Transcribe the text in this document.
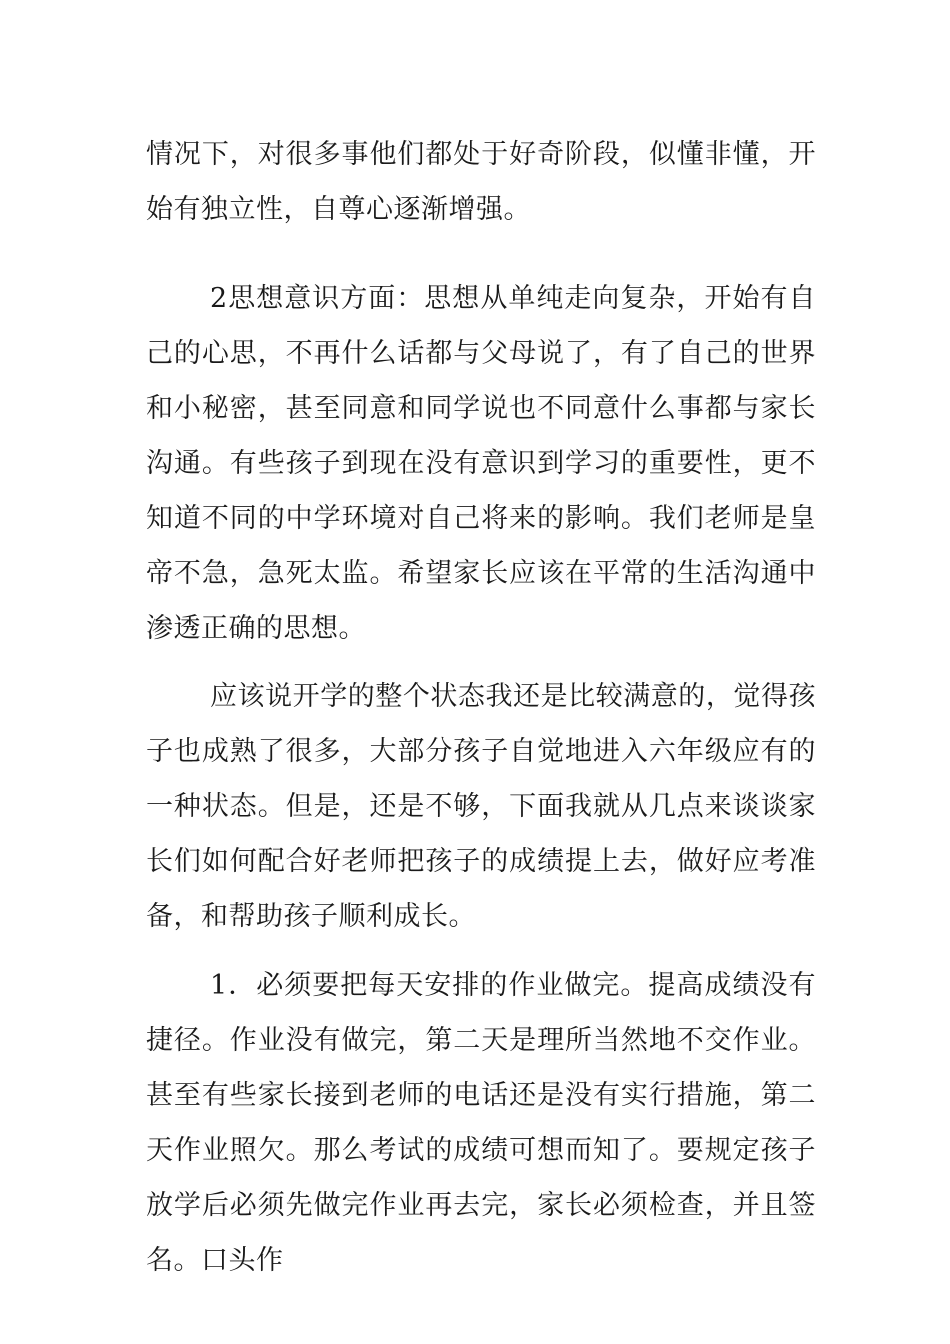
情况下，对很多事他们都处于好奇阶段，似懂非懂，开始有独立性，自尊心逐渐增强。

2思想意识方面：思想从单纯走向复杂，开始有自己的心思，不再什么话都与父母说了，有了自己的世界和小秘密，甚至同意和同学说也不同意什么事都与家长沟通。有些孩子到现在没有意识到学习的重要性，更不知道不同的中学环境对自己将来的影响。我们老师是皇帝不急，急死太监。希望家长应该在平常的生活沟通中渗透正确的思想。

应该说开学的整个状态我还是比较满意的，觉得孩子也成熟了很多，大部分孩子自觉地进入六年级应有的一种状态。但是，还是不够，下面我就从几点来谈谈家长们如何配合好老师把孩子的成绩提上去，做好应考准备，和帮助孩子顺利成长。

1．必须要把每天安排的作业做完。提高成绩没有捷径。作业没有做完，第二天是理所当然地不交作业。甚至有些家长接到老师的电话还是没有实行措施，第二天作业照欠。那么考试的成绩可想而知了。要规定孩子放学后必须先做完作业再去完，家长必须检查，并且签名。口头作
